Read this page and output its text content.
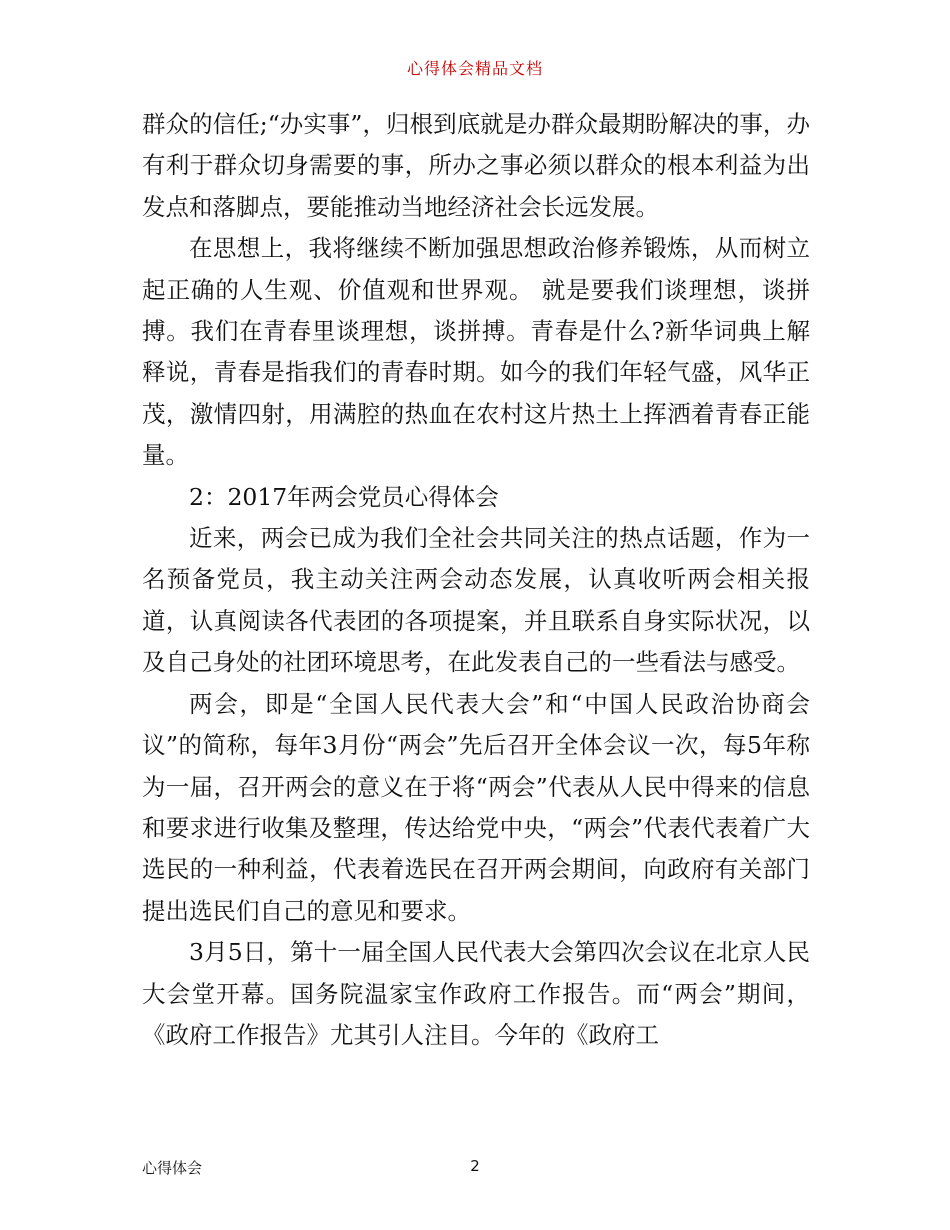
心得体会精品文档

群众的信任;“办实事”，归根到底就是办群众最期盼解决的事，办有利于群众切身需要的事，所办之事必须以群众的根本利益为出发点和落脚点，要能推动当地经济社会长远发展。

在思想上，我将继续不断加强思想政治修养锻炼，从而树立起正确的人生观、价值观和世界观。 就是要我们谈理想，谈拼搏。我们在青春里谈理想，谈拼搏。青春是什么?新华词典上解释说，青春是指我们的青春时期。如今的我们年轻气盛，风华正茂，激情四射，用满腔的热血在农村这片热土上挥洒着青春正能量。

2：2017年两会党员心得体会

近来，两会已成为我们全社会共同关注的热点话题，作为一名预备党员，我主动关注两会动态发展，认真收听两会相关报道，认真阅读各代表团的各项提案，并且联系自身实际状况，以及自己身处的社团环境思考，在此发表自己的一些看法与感受。

两会，即是“全国人民代表大会”和“中国人民政治协商会议”的简称，每年3月份“两会”先后召开全体会议一次，每5年称为一届，召开两会的意义在于将“两会”代表从人民中得来的信息和要求进行收集及整理，传达给党中央，“两会”代表代表着广大选民的一种利益，代表着选民在召开两会期间，向政府有关部门提出选民们自己的意见和要求。

3月5日，第十一届全国人民代表大会第四次会议在北京人民大会堂开幕。国务院温家宝作政府工作报告。而“两会”期间，《政府工作报告》尤其引人注目。今年的《政府工

心得体会	2
